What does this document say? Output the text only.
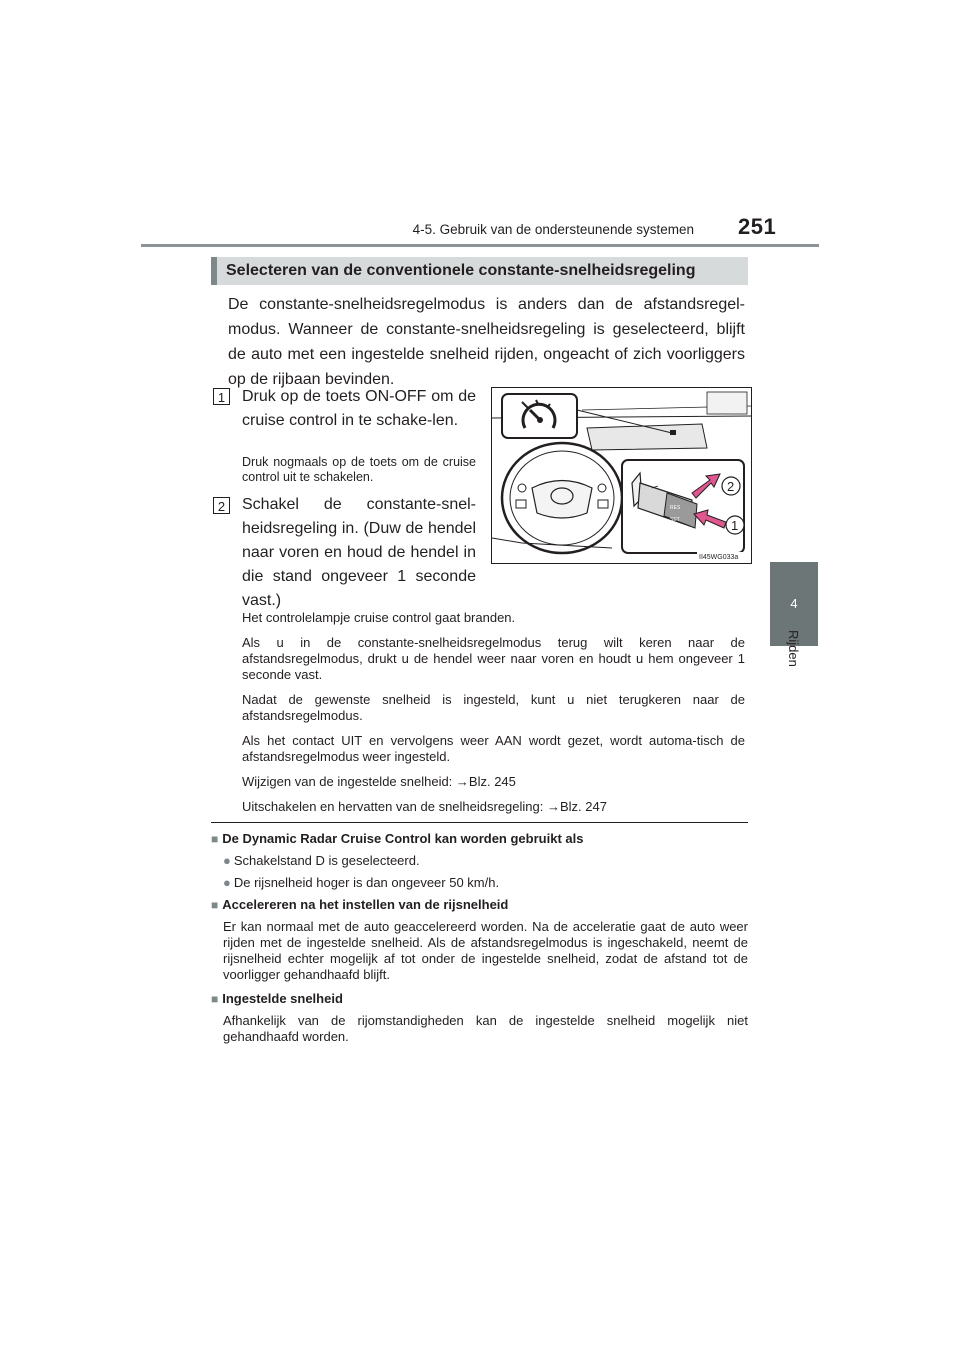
4-5. Gebruik van de ondersteunende systemen 251
4
Rijden
Selecteren van de conventionele constante-snelheidsregeling
De constante-snelheidsregelmodus is anders dan de afstandsregel-modus. Wanneer de constante-snelheidsregeling is geselecteerd, blijft de auto met een ingestelde snelheid rijden, ongeacht of zich voorliggers op de rijbaan bevinden.
1	Druk op de toets ON-OFF om de cruise control in te schake-len.
Druk nogmaals op de toets om de cruise control uit te schakelen.
2	Schakel de constante-snel-heidsregeling in. (Duw de hendel naar voren en houd de hendel in die stand ongeveer 1 seconde vast.)
RES
SET
2
1
II45WG033a

Het controlelampje cruise control gaat branden.

Als u in de constante-snelheidsregelmodus terug wilt keren naar de afstandsregelmodus, drukt u de hendel weer naar voren en houdt u hem ongeveer 1 seconde vast.

Nadat de gewenste snelheid is ingesteld, kunt u niet terugkeren naar de afstandsregelmodus.

Als het contact UIT en vervolgens weer AAN wordt gezet, wordt automa-tisch de afstandsregelmodus weer ingesteld.

Wijzigen van de ingestelde snelheid: →Blz. 245

Uitschakelen en hervatten van de snelheidsregeling: →Blz. 247

■ De Dynamic Radar Cruise Control kan worden gebruikt als
● Schakelstand D is geselecteerd.
● De rijsnelheid hoger is dan ongeveer 50 km/h.
■ Accelereren na het instellen van de rijsnelheid
Er kan normaal met de auto geaccelereerd worden. Na de acceleratie gaat de auto weer rijden met de ingestelde snelheid. Als de afstandsregelmodus is ingeschakeld, neemt de rijsnelheid echter mogelijk af tot onder de ingestelde snelheid, zodat de afstand tot de voorligger gehandhaafd blijft.
■ Ingestelde snelheid
Afhankelijk van de rijomstandigheden kan de ingestelde snelheid mogelijk niet gehandhaafd worden.
